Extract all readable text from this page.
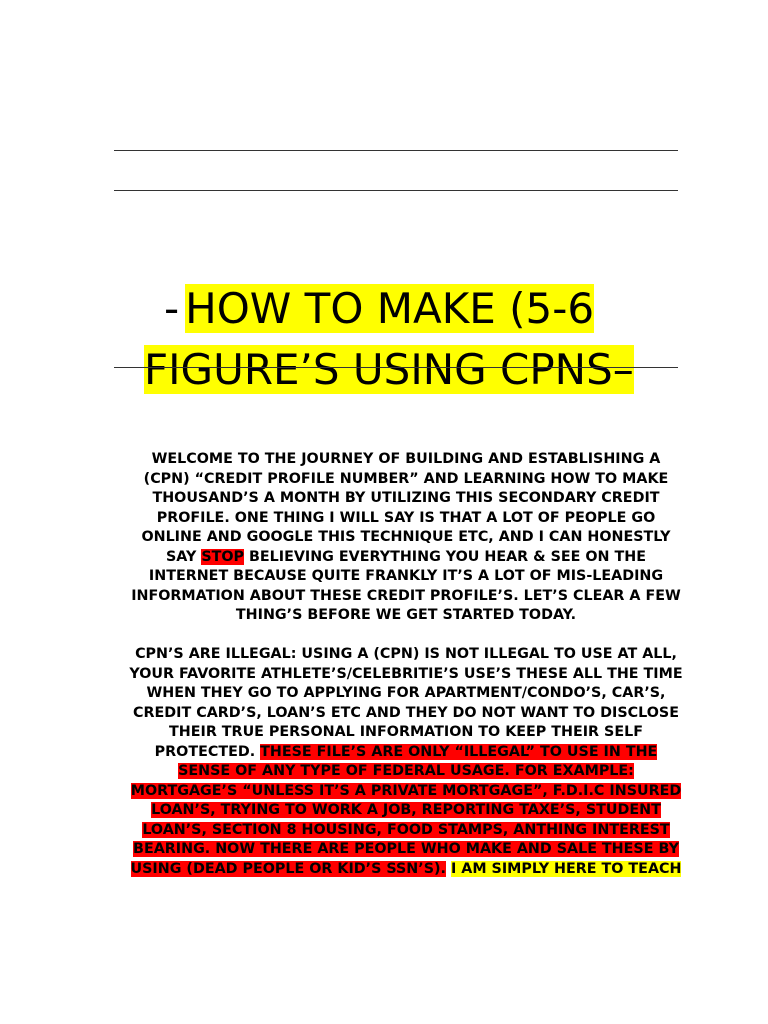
- HOW TO MAKE (5-6
FIGURE’S USING CPNS–

WELCOME TO THE JOURNEY OF BUILDING AND ESTABLISHING A (CPN) “CREDIT PROFILE NUMBER” AND LEARNING HOW TO MAKE THOUSAND’S A MONTH BY UTILIZING THIS SECONDARY CREDIT PROFILE. ONE THING I WILL SAY IS THAT A LOT OF PEOPLE GO ONLINE AND GOOGLE THIS TECHNIQUE ETC, AND I CAN HONESTLY SAY STOP BELIEVING EVERYTHING YOU HEAR & SEE ON THE INTERNET BECAUSE QUITE FRANKLY IT’S A LOT OF MIS-LEADING INFORMATION ABOUT THESE CREDIT PROFILE’S. LET’S CLEAR A FEW THING’S BEFORE WE GET STARTED TODAY.

CPN’S ARE ILLEGAL: USING A (CPN) IS NOT ILLEGAL TO USE AT ALL, YOUR FAVORITE ATHLETE’S/CELEBRITIE’S USE’S THESE ALL THE TIME WHEN THEY GO TO APPLYING FOR APARTMENT/CONDO’S, CAR’S, CREDIT CARD’S, LOAN’S ETC AND THEY DO NOT WANT TO DISCLOSE THEIR TRUE PERSONAL INFORMATION TO KEEP THEIR SELF PROTECTED. THESE FILE’S ARE ONLY “ILLEGAL” TO USE IN THE SENSE OF ANY TYPE OF FEDERAL USAGE. FOR EXAMPLE: MORTGAGE’S “UNLESS IT’S A PRIVATE MORTGAGE”, F.D.I.C INSURED LOAN’S, TRYING TO WORK A JOB, REPORTING TAXE’S, STUDENT LOAN’S, SECTION 8 HOUSING, FOOD STAMPS, ANTHING INTEREST BEARING. NOW THERE ARE PEOPLE WHO MAKE AND SALE THESE BY USING (DEAD PEOPLE OR KID’S SSN’S). I AM SIMPLY HERE TO TEACH
